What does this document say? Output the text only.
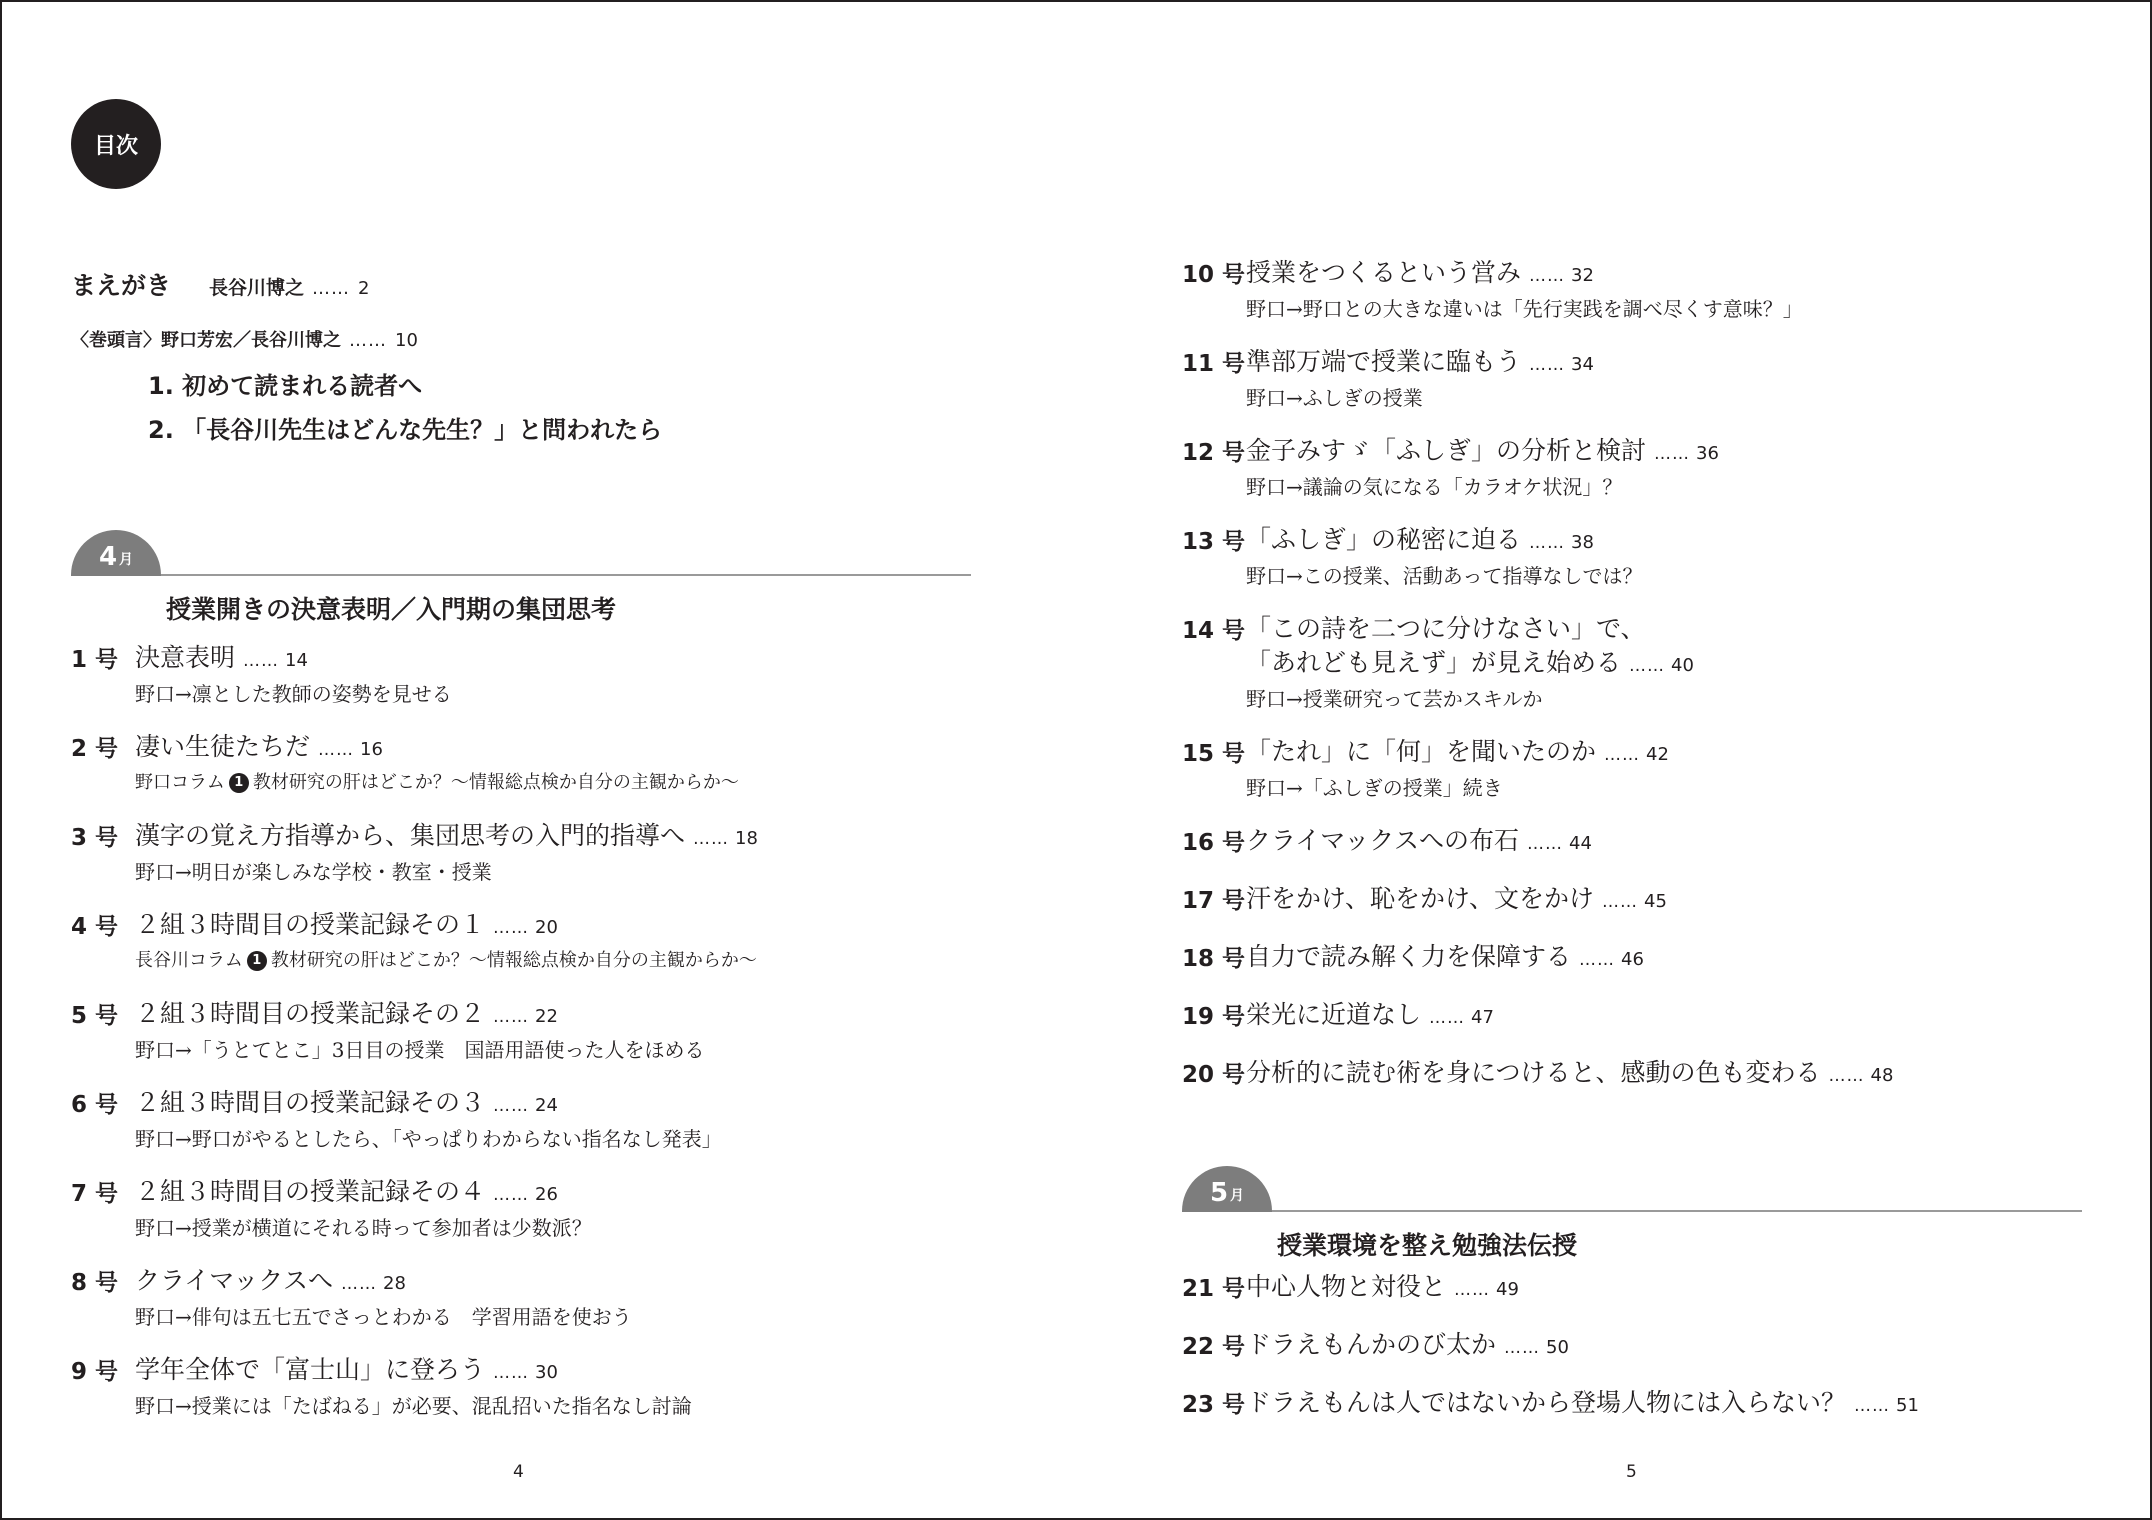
目次
まえがき 長谷川博之 …… 2
〈巻頭言〉野口芳宏／長谷川博之 …… 10
1. 初めて読まれる読者へ
2. 「長谷川先生はどんな先生？」と問われたら
4 月
授業開きの決意表明／入門期の集団思考
1 号 決意表明 …… 14
野口→凛とした教師の姿勢を見せる
2 号 凄い生徒たちだ …… 16
野口コラム 1 教材研究の肝はどこか？～情報総点検か自分の主観からか～
3 号 漢字の覚え方指導から、集団思考の入門的指導へ …… 18
野口→明日が楽しみな学校・教室・授業
4 号 ２組３時間目の授業記録その１ …… 20
長谷川コラム 1 教材研究の肝はどこか？～情報総点検か自分の主観からか～
5 号 ２組３時間目の授業記録その２ …… 22
野口→「うとてとこ」3日目の授業　国語用語使った人をほめる
6 号 ２組３時間目の授業記録その３ …… 24
野口→野口がやるとしたら、「やっぱりわからない指名なし発表」
7 号 ２組３時間目の授業記録その４ …… 26
野口→授業が横道にそれる時って参加者は少数派？
8 号 クライマックスへ …… 28
野口→俳句は五七五でさっとわかる　学習用語を使おう
9 号 学年全体で「富士山」に登ろう …… 30
野口→授業には「たばねる」が必要、混乱招いた指名なし討論
4
10 号 授業をつくるという営み …… 32
野口→野口との大きな違いは「先行実践を調べ尽くす意味？」
11 号 準部万端で授業に臨もう …… 34
野口→ふしぎの授業
12 号 金子みすゞ「ふしぎ」の分析と検討 …… 36
野口→議論の気になる「カラオケ状況」？
13 号 「ふしぎ」の秘密に迫る …… 38
野口→この授業、活動あって指導なしでは？
14 号 「この詩を二つに分けなさい」で、
「あれども見えず」が見え始める …… 40
野口→授業研究って芸かスキルか
15 号 「たれ」に「何」を聞いたのか …… 42
野口→「ふしぎの授業」続き
16 号 クライマックスへの布石 …… 44
17 号 汗をかけ、恥をかけ、文をかけ …… 45
18 号 自力で読み解く力を保障する …… 46
19 号 栄光に近道なし …… 47
20 号 分析的に読む術を身につけると、感動の色も変わる …… 48
5 月
授業環境を整え勉強法伝授
21 号 中心人物と対役と …… 49
22 号 ドラえもんかのび太か …… 50
23 号 ドラえもんは人ではないから登場人物には入らない？ …… 51
5
